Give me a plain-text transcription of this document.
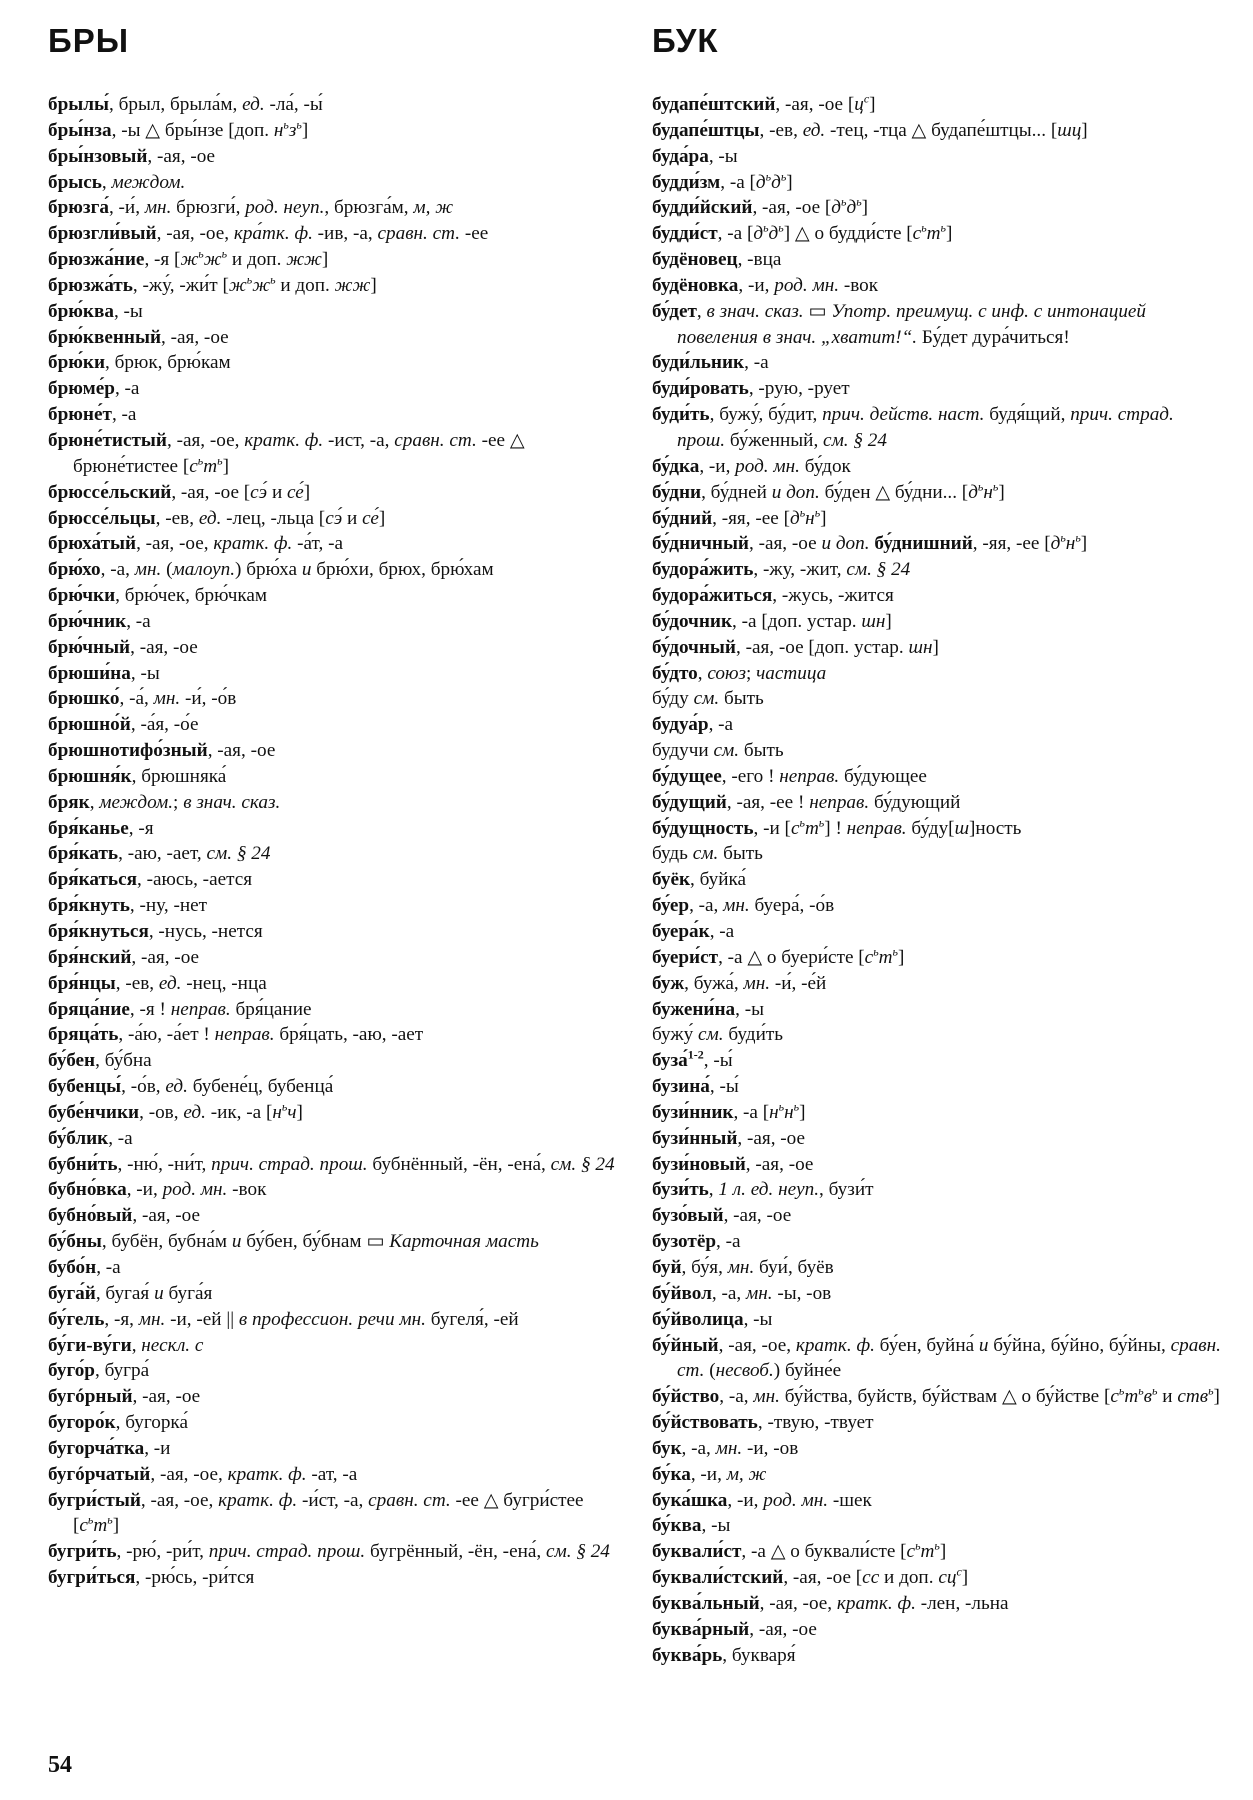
БРЫ	БУК
брылы́, брыл, брыла́м, ед. -ла́, -ы́
бры́нза, -ы △ бры́нзе [доп. $н^ьз^ь$]
бры́нзовый, -ая, -ое
брысь, междом.
брюзга́, -и́, мн. брюзги́, род. неуп., брюзга́м, м, ж
брюзгли́вый, -ая, -ое, кра́тк. ф. -ив, -а, сравн. ст. -ее
брюзжа́ние, -я [$ж^ьж^ь$ и доп. жж]
брюзжа́ть, -жу́, -жи́т [$ж^ьж^ь$ и доп. жж]
брю́ква, -ы
брю́квенный, -ая, -ое
брю́ки, брюк, брю́кам
брюме́р, -а
брюне́т, -а
брюне́тистый, -ая, -ое, кратк. ф. -ист, -а, сравн. ст. -ее △ брюне́тистее $[с^ьт^ь]$
брюссе́льский, -ая, -ое [сэ́ и се́]
брюссе́льцы, -ев, ед. -лец, -льца [сэ́ и се́]
брюха́тый, -ая, -ое, кратк. ф. -а́т, -а
брю́хо, -а, мн. (малоуп.) брю́ха и брю́хи, брюх, брю́хам
брю́чки, брю́чек, брю́чкам
брю́чник, -а
брю́чный, -ая, -ое
брюши́на, -ы
брюшко́, -а́, мн. -и́, -о́в
брюшно́й, -а́я, -о́е
брюшнотифо́зный, -ая, -ое
брюшня́к, брюшняка́
бряк, междом.; в знач. сказ.
бря́канье, -я
бря́кать, -аю, -ает, см. § 24
бря́каться, -аюсь, -ается
бря́кнуть, -ну, -нет
бря́кнуться, -нусь, -нется
бря́нский, -ая, -ое
бря́нцы, -ев, ед. -нец, -нца
бряца́ние, -я ! неправ. бря́цание
бряца́ть, -а́ю, -а́ет ! неправ. бря́цать, -аю, -ает
бу́бен, бу́бна
бубенцы́, -о́в, ед. бубене́ц, бубенца́
бубе́нчики, -ов, ед. -ик, -а $[н^ьч]$
бу́блик, -а
бубни́ть, -ню́, -ни́т, прич. страд. прош. бубнённый, -ён, -ена́, см. § 24
бубно́вка, -и, род. мн. -вок
бубно́вый, -ая, -ое
бу́бны, бубён, бубна́м и бу́бен, бу́бнам ▭ Карточная масть
бубо́н, -а
буга́й, бугая́ и буга́я
бу́гель, -я, мн. -и, -ей || в профессион. речи мн. бугеля́, -ей
бу́ги-ву́ги, нескл. с
буго́р, бугра́
бугóрный, -ая, -ое
бугоро́к, бугорка́
бугорча́тка, -и
бугóрчатый, -ая, -ое, кратк. ф. -ат, -а
бугри́стый, -ая, -ое, кратк. ф. -и́ст, -а, сравн. ст. -ее △ бугри́стее $[с^ьт^ь]$
бугри́ть, -рю́, -ри́т, прич. страд. прош. бугрённый, -ён, -ена́, см. § 24
бугри́ться, -рю́сь, -ри́тся
будапе́штский, -ая, -ое $[ц^с]$
будапе́штцы, -ев, ед. -тец, -тца △ будапе́штцы... [шц]
буда́ра, -ы
будди́зм, -а $[д^ьд^ь]$
будди́йский, -ая, -ое $[д^ьд^ь]$
будди́ст, -а $[д^ьд^ь]$ △ о будди́сте $[с^ьт^ь]$
будёновец, -вца
будёновка, -и, род. мн. -вок
бу́дет, в знач. сказ. ▭ Употр. преимущ. с инф. с интонацией повеления в знач. „хватит!“. Бу́дет дура́читься!
буди́льник, -а
буди́ровать, -рую, -рует
буди́ть, бужу́, бу́дит, прич. действ. наст. будя́щий, прич. страд. прош. бу́женный, см. § 24
бу́дка, -и, род. мн. бу́док
бу́дни, бу́дней и доп. бу́ден △ бу́дни... $[д^ьн^ь]$
бу́дний, -яя, -ее $[д^ьн^ь]$
бу́дничный, -ая, -ое и доп. бу́днишний, -яя, -ее $[д^ьн^ь]$
будора́жить, -жу, -жит, см. § 24
будора́житься, -жусь, -жится
бу́дочник, -а [доп. устар. шн]
бу́дочный, -ая, -ое [доп. устар. шн]
бу́дто, союз; частица
бу́ду см. быть
будуа́р, -а
будучи см. быть
бу́дущее, -его ! неправ. бу́дующее
бу́дущий, -ая, -ее ! неправ. бу́дующий
бу́дущность, -и $[с^ьт^ь]$ ! неправ. бу́ду[ш]ность
будь см. быть
буёк, буйка́
бу́ер, -а, мн. буера́, -о́в
буера́к, -а
буери́ст, -а △ о буери́сте $[с^ьт^ь]$
буж, бужа́, мн. -и́, -е́й
бужени́на, -ы
бужу́ см. буди́ть
буза́$^{1-2}$, -ы́
бузина́, -ы́
бузи́нник, -а $[н^ьн^ь]$
бузи́нный, -ая, -ое
бузи́новый, -ая, -ое
бузи́ть, 1 л. ед. неуп., бузи́т
бузо́вый, -ая, -ое
бузотёр, -а
буй, бу́я, мн. буи́, буёв
бу́йвол, -а, мн. -ы, -ов
бу́йволица, -ы
бу́йный, -ая, -ое, кратк. ф. бу́ен, буйна́ и бу́йна, бу́йно, бу́йны, сравн. ст. (несвоб.) буйне́е
бу́йство, -а, мн. бу́йства, буйств, бу́йствам △ о бу́йстве [$с^ьт^ьв^ь$ и ств$^ь$]
бу́йствовать, -твую, -твует
бук, -а, мн. -и, -ов
бу́ка, -и, м, ж
бука́шка, -и, род. мн. -шек
бу́ква, -ы
буквали́ст, -а △ о буквали́сте $[с^ьт^ь]$
буквали́стский, -ая, -ое [сс и доп. $сц^с$]
буква́льный, -ая, -ое, кратк. ф. -лен, -льна
буква́рный, -ая, -ое
буква́рь, букваря́
54
